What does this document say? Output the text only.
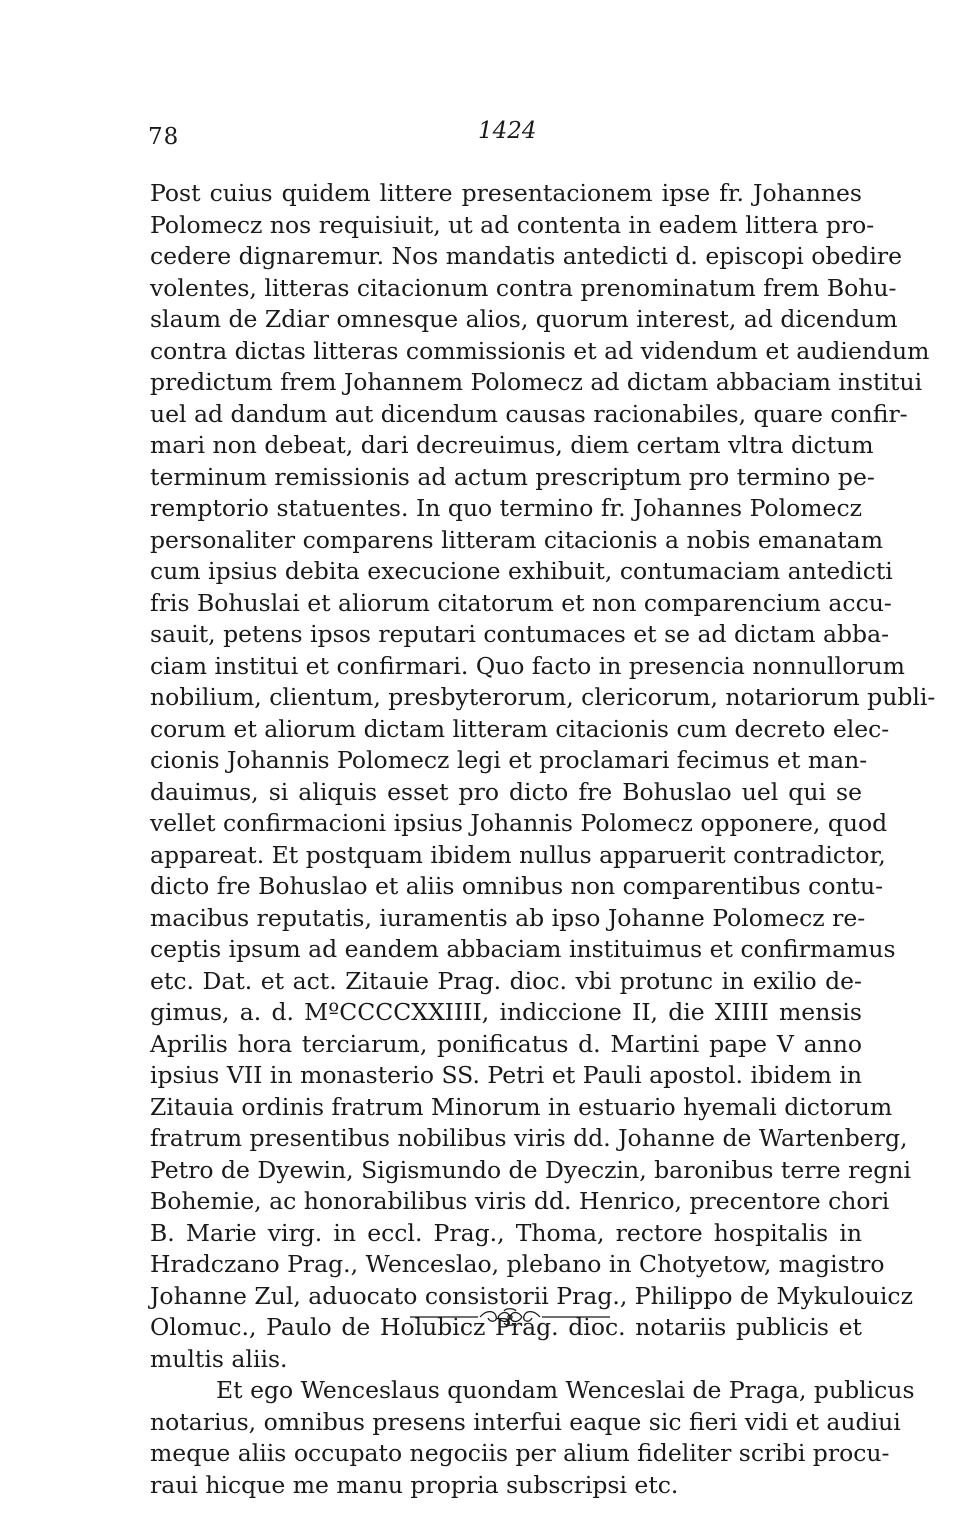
78	1424
Post cuius quidem littere presentacionem ipse fr. Johannes
Polomecz nos requisiuit, ut ad contenta in eadem littera pro-
cedere dignaremur. Nos mandatis antedicti d. episcopi obedire
volentes, litteras citacionum contra prenominatum frem Bohu-
slaum de Zdiar omnesque alios, quorum interest, ad dicendum
contra dictas litteras commissionis et ad videndum et audiendum
predictum frem Johannem Polomecz ad dictam abbaciam institui
uel ad dandum aut dicendum causas racionabiles, quare confir-
mari non debeat, dari decreuimus, diem certam vltra dictum
terminum remissionis ad actum prescriptum pro termino pe-
remptorio statuentes. In quo termino fr. Johannes Polomecz
personaliter comparens litteram citacionis a nobis emanatam
cum ipsius debita execucione exhibuit, contumaciam antedicti
fris Bohuslai et aliorum citatorum et non comparencium accu-
sauit, petens ipsos reputari contumaces et se ad dictam abba-
ciam institui et confirmari. Quo facto in presencia nonnullorum
nobilium, clientum, presbyterorum, clericorum, notariorum publi-
corum et aliorum dictam litteram citacionis cum decreto elec-
cionis Johannis Polomecz legi et proclamari fecimus et man-
dauimus, si aliquis esset pro dicto fre Bohuslao uel qui se
vellet confirmacioni ipsius Johannis Polomecz opponere, quod
appareat. Et postquam ibidem nullus apparuerit contradictor,
dicto fre Bohuslao et aliis omnibus non comparentibus contu-
macibus reputatis, iuramentis ab ipso Johanne Polomecz re-
ceptis ipsum ad eandem abbaciam instituimus et confirmamus
etc. Dat. et act. Zitauie Prag. dioc. vbi protunc in exilio de-
gimus, a. d. MºCCCCXXIIII, indiccione II, die XIIII mensis
Aprilis hora terciarum, ponificatus d. Martini pape V anno
ipsius VII in monasterio SS. Petri et Pauli apostol. ibidem in
Zitauia ordinis fratrum Minorum in estuario hyemali dictorum
fratrum presentibus nobilibus viris dd. Johanne de Wartenberg,
Petro de Dyewin, Sigismundo de Dyeczin, baronibus terre regni
Bohemie, ac honorabilibus viris dd. Henrico, precentore chori
B. Marie virg. in eccl. Prag., Thoma, rectore hospitalis in
Hradczano Prag., Wenceslao, plebano in Chotyetow, magistro
Johanne Zul, aduocato consistorii Prag., Philippo de Mykulouicz
Olomuc., Paulo de Holubicz Prag. dioc. notariis publicis et
multis aliis.
Et ego Wenceslaus quondam Wenceslai de Praga, publicus
notarius, omnibus presens interfui eaque sic fieri vidi et audiui
meque aliis occupato negociis per alium fideliter scribi procu-
raui hicque me manu propria subscripsi etc.
